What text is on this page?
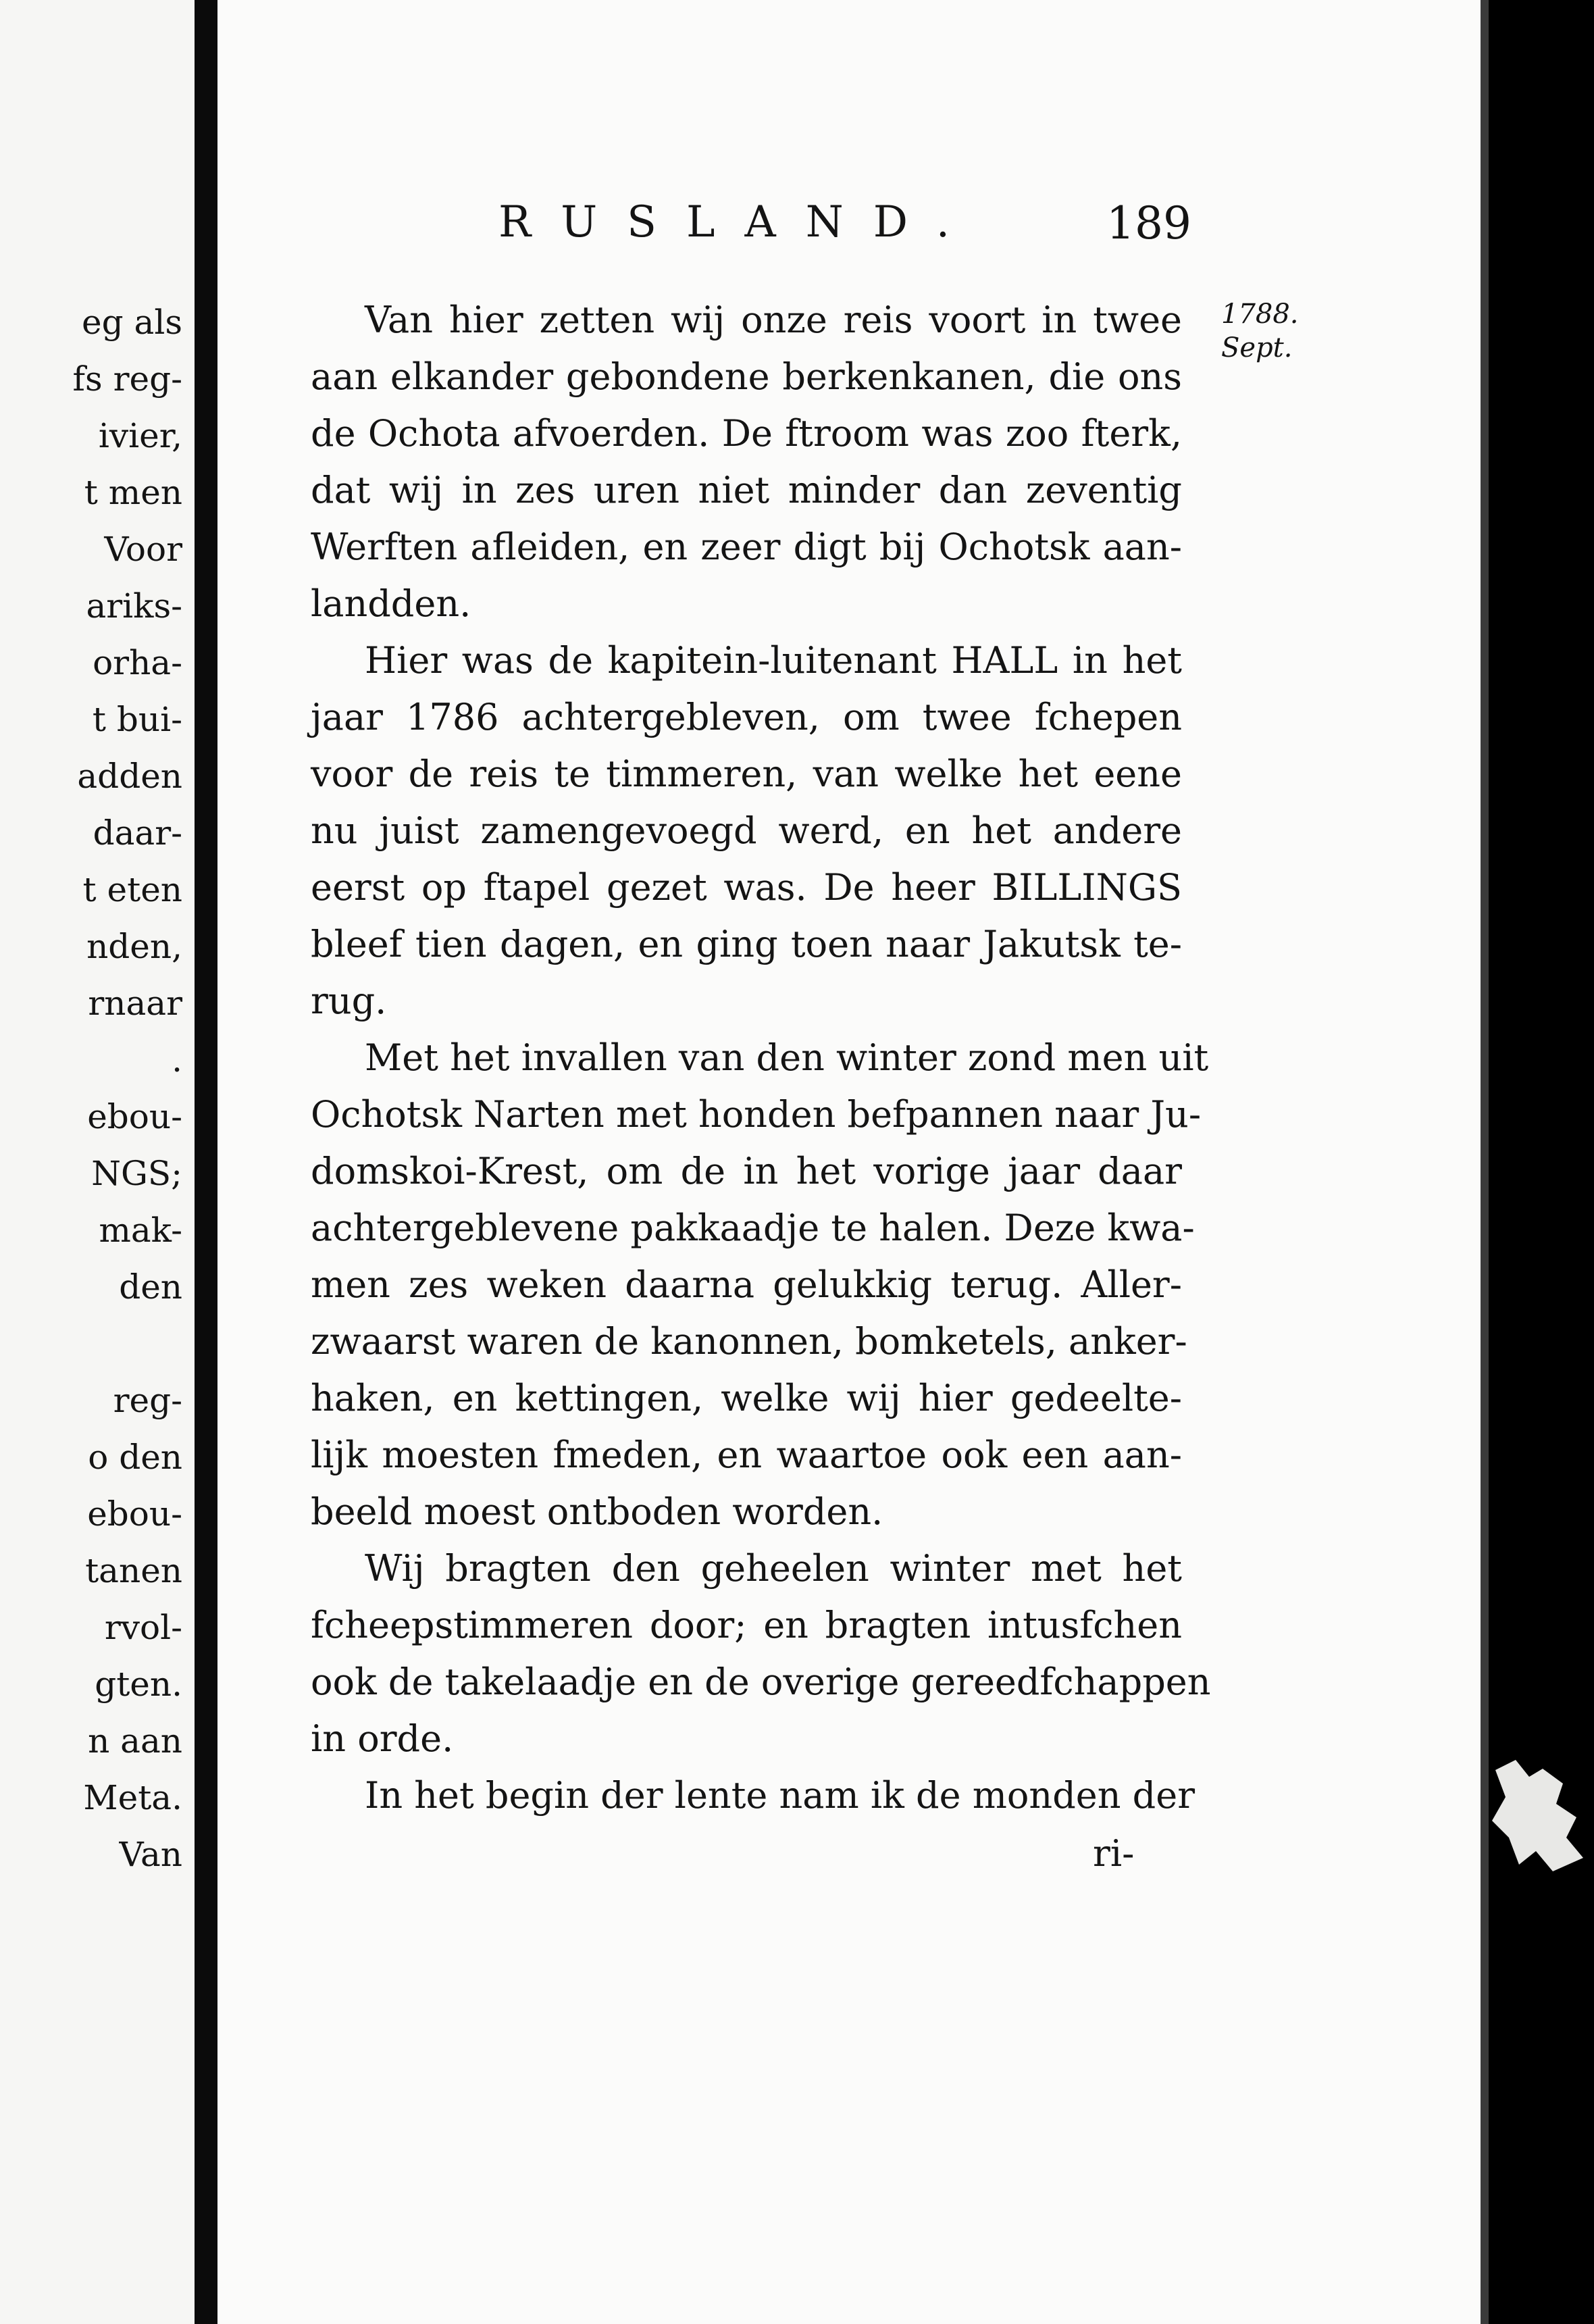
eg als
fs reg-
ivier,
t men
Voor
ariks-
orha-
t bui-
adden
daar-
t eten
nden,
rnaar
.
ebou-
NGS;
mak-
den
reg-
o den
ebou-
tanen
rvol-
gten.
n aan
Meta.
Van
RUSLAND.	189
1788.
Sept.
Van hier zetten wij onze reis voort in twee
aan elkander gebondene berkenkanen, die ons
de Ochota afvoerden. De ftroom was zoo fterk,
dat wij in zes uren niet minder dan zeventig
Werften afleiden, en zeer digt bij Ochotsk aan-
landden.
Hier was de kapitein-luitenant HALL in het
jaar 1786 achtergebleven, om twee fchepen
voor de reis te timmeren, van welke het eene
nu juist zamengevoegd werd, en het andere
eerst op ftapel gezet was. De heer BILLINGS
bleef tien dagen, en ging toen naar Jakutsk te-
rug.
Met het invallen van den winter zond men uit
Ochotsk Narten met honden befpannen naar Ju-
domskoi-Krest, om de in het vorige jaar daar
achtergeblevene pakkaadje te halen. Deze kwa-
men zes weken daarna gelukkig terug. Aller-
zwaarst waren de kanonnen, bomketels, anker-
haken, en kettingen, welke wij hier gedeelte-
lijk moesten fmeden, en waartoe ook een aan-
beeld moest ontboden worden.
Wij bragten den geheelen winter met het
fcheepstimmeren door; en bragten intusfchen
ook de takelaadje en de overige gereedfchappen
in orde.
In het begin der lente nam ik de monden der
ri-
